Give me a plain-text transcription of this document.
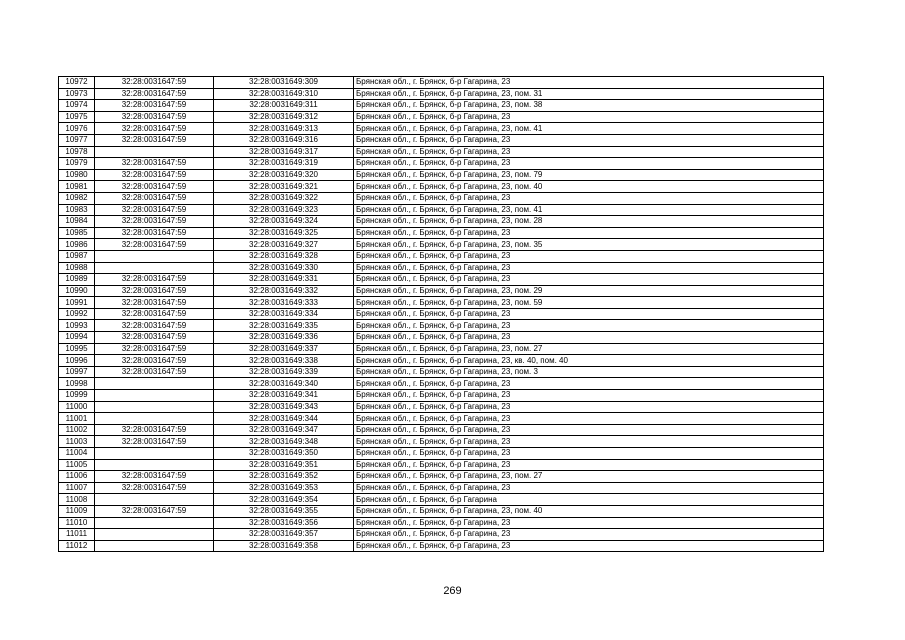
10972	32:28:0031647:59	32:28:0031649:309	Брянская обл., г. Брянск, б-р Гагарина, 23
10973	32:28:0031647:59	32:28:0031649:310	Брянская обл., г. Брянск, б-р Гагарина, 23, пом. 31
10974	32:28:0031647:59	32:28:0031649:311	Брянская обл., г. Брянск, б-р Гагарина, 23, пом. 38
10975	32:28:0031647:59	32:28:0031649:312	Брянская обл., г. Брянск, б-р Гагарина, 23
10976	32:28:0031647:59	32:28:0031649:313	Брянская обл., г. Брянск, б-р Гагарина, 23, пом. 41
10977	32:28:0031647:59	32:28:0031649:316	Брянская обл., г. Брянск, б-р Гагарина, 23
10978		32:28:0031649:317	Брянская обл., г. Брянск, б-р Гагарина, 23
10979	32:28:0031647:59	32:28:0031649:319	Брянская обл., г. Брянск, б-р Гагарина, 23
10980	32:28:0031647:59	32:28:0031649:320	Брянская обл., г. Брянск, б-р Гагарина, 23, пом. 79
10981	32:28:0031647:59	32:28:0031649:321	Брянская обл., г. Брянск, б-р Гагарина, 23, пом. 40
10982	32:28:0031647:59	32:28:0031649:322	Брянская обл., г. Брянск, б-р Гагарина, 23
10983	32:28:0031647:59	32:28:0031649:323	Брянская обл., г. Брянск, б-р Гагарина, 23, пом. 41
10984	32:28:0031647:59	32:28:0031649:324	Брянская обл., г. Брянск, б-р Гагарина, 23, пом. 28
10985	32:28:0031647:59	32:28:0031649:325	Брянская обл., г. Брянск, б-р Гагарина, 23
10986	32:28:0031647:59	32:28:0031649:327	Брянская обл., г. Брянск, б-р Гагарина, 23, пом. 35
10987		32:28:0031649:328	Брянская обл., г. Брянск, б-р Гагарина, 23
10988		32:28:0031649:330	Брянская обл., г. Брянск, б-р Гагарина, 23
10989	32:28:0031647:59	32:28:0031649:331	Брянская обл., г. Брянск, б-р Гагарина, 23
10990	32:28:0031647:59	32:28:0031649:332	Брянская обл., г. Брянск, б-р Гагарина, 23, пом. 29
10991	32:28:0031647:59	32:28:0031649:333	Брянская обл., г. Брянск, б-р Гагарина, 23, пом. 59
10992	32:28:0031647:59	32:28:0031649:334	Брянская обл., г. Брянск, б-р Гагарина, 23
10993	32:28:0031647:59	32:28:0031649:335	Брянская обл., г. Брянск, б-р Гагарина, 23
10994	32:28:0031647:59	32:28:0031649:336	Брянская обл., г. Брянск, б-р Гагарина, 23
10995	32:28:0031647:59	32:28:0031649:337	Брянская обл., г. Брянск, б-р Гагарина, 23, пом. 27
10996	32:28:0031647:59	32:28:0031649:338	Брянская обл., г. Брянск, б-р Гагарина, 23, кв. 40, пом. 40
10997	32:28:0031647:59	32:28:0031649:339	Брянская обл., г. Брянск, б-р Гагарина, 23, пом. 3
10998		32:28:0031649:340	Брянская обл., г. Брянск, б-р Гагарина, 23
10999		32:28:0031649:341	Брянская обл., г. Брянск, б-р Гагарина, 23
11000		32:28:0031649:343	Брянская обл., г. Брянск, б-р Гагарина, 23
11001		32:28:0031649:344	Брянская обл., г. Брянск, б-р Гагарина, 23
11002	32:28:0031647:59	32:28:0031649:347	Брянская обл., г. Брянск, б-р Гагарина, 23
11003	32:28:0031647:59	32:28:0031649:348	Брянская обл., г. Брянск, б-р Гагарина, 23
11004		32:28:0031649:350	Брянская обл., г. Брянск, б-р Гагарина, 23
11005		32:28:0031649:351	Брянская обл., г. Брянск, б-р Гагарина, 23
11006	32:28:0031647:59	32:28:0031649:352	Брянская обл., г. Брянск, б-р Гагарина, 23, пом. 27
11007	32:28:0031647:59	32:28:0031649:353	Брянская обл., г. Брянск, б-р Гагарина, 23
11008		32:28:0031649:354	Брянская обл., г. Брянск, б-р Гагарина
11009	32:28:0031647:59	32:28:0031649:355	Брянская обл., г. Брянск, б-р Гагарина, 23, пом. 40
11010		32:28:0031649:356	Брянская обл., г. Брянск, б-р Гагарина, 23
11011		32:28:0031649:357	Брянская обл., г. Брянск, б-р Гагарина, 23
11012		32:28:0031649:358	Брянская обл., г. Брянск, б-р Гагарина, 23
269
